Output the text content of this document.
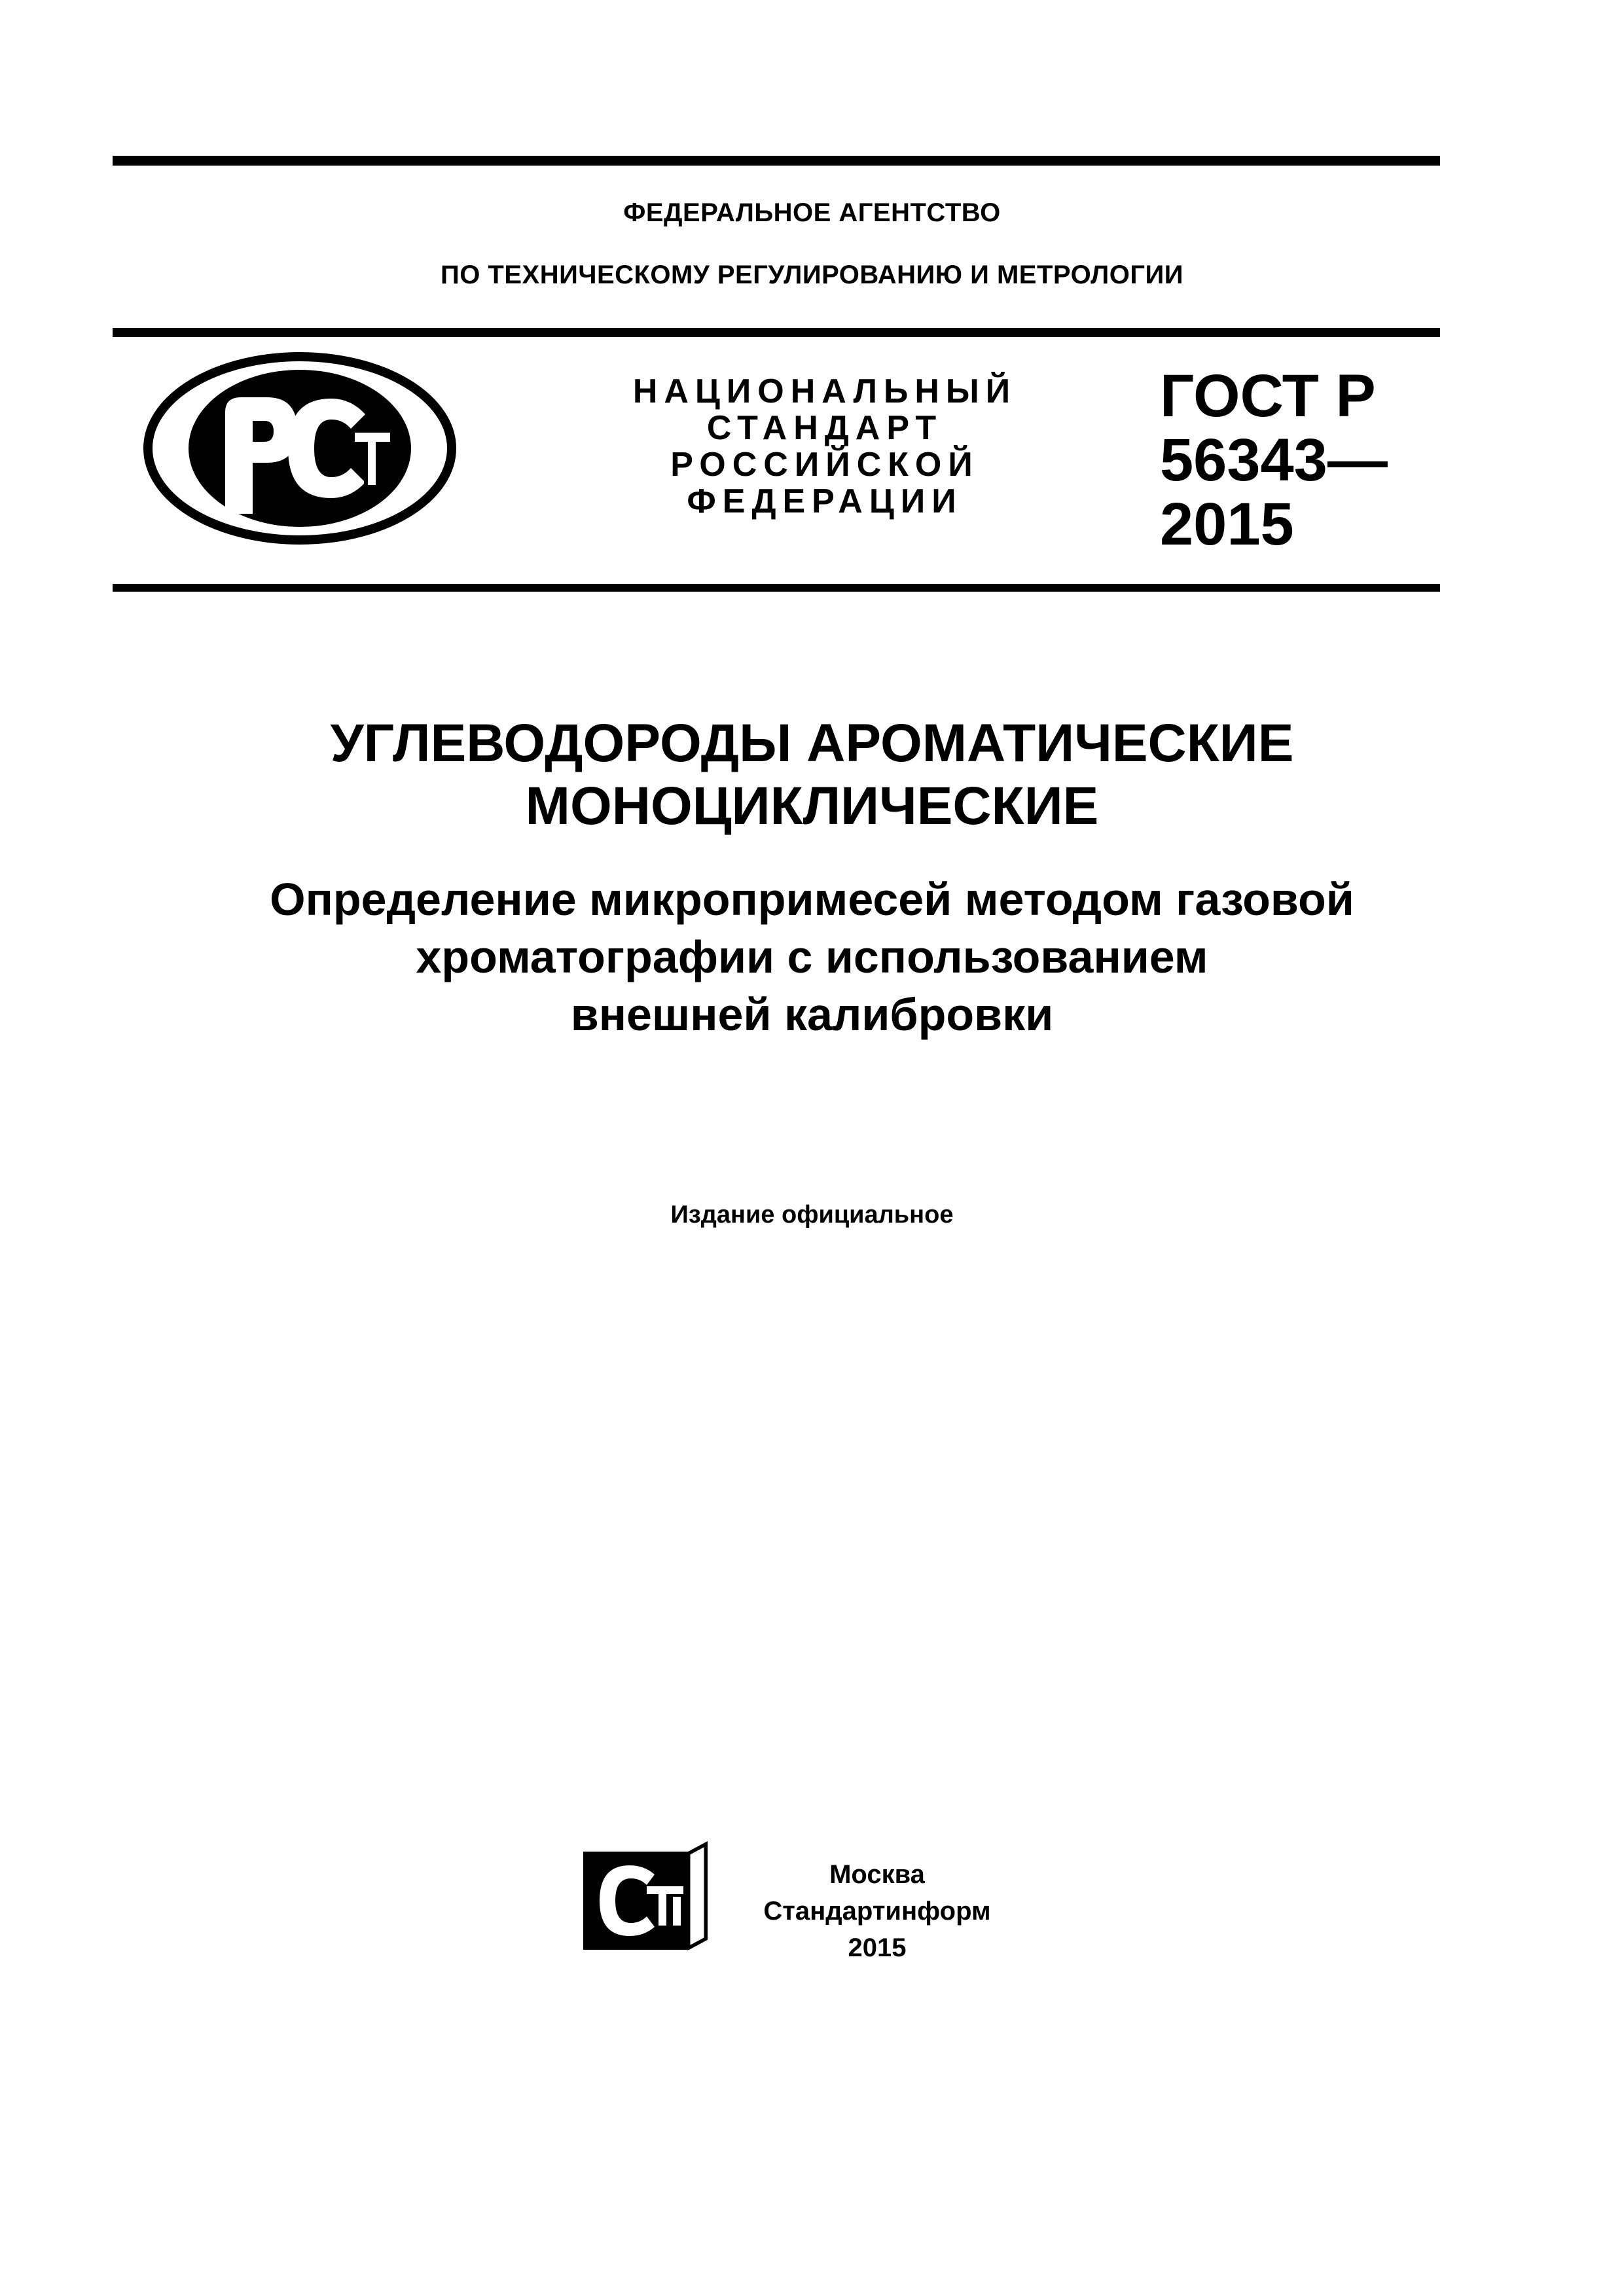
ФЕДЕРАЛЬНОЕ АГЕНТСТВО
ПО ТЕХНИЧЕСКОМУ РЕГУЛИРОВАНИЮ И МЕТРОЛОГИИ
РСТ
НАЦИОНАЛЬНЫЙ
СТАНДАРТ
РОССИЙСКОЙ
ФЕДЕРАЦИИ
ГОСТ Р
56343—
2015
УГЛЕВОДОРОДЫ АРОМАТИЧЕСКИЕ
МОНОЦИКЛИЧЕСКИЕ
Определение микропримесей методом газовой
хроматографии с использованием
внешней калибровки
Издание официальное
СТИ
Москва
Стандартинформ
2015
